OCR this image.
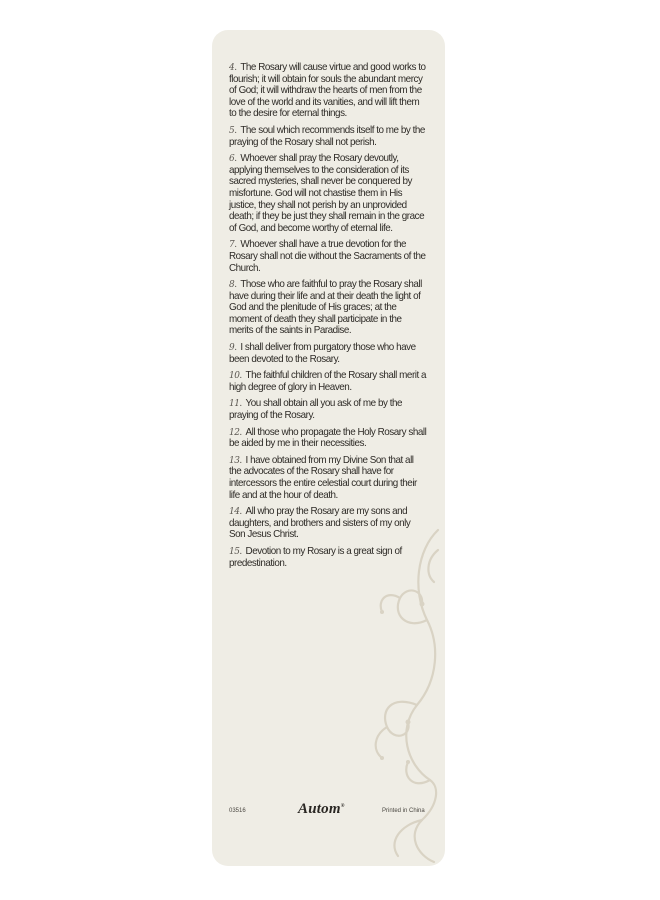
4. The Rosary will cause virtue and good works to flourish; it will obtain for souls the abundant mercy of God; it will withdraw the hearts of men from the love of the world and its vanities, and will lift them to the desire for eternal things.
5. The soul which recommends itself to me by the praying of the Rosary shall not perish.
6. Whoever shall pray the Rosary devoutly, applying themselves to the consideration of its sacred mysteries, shall never be conquered by misfortune. God will not chastise them in His justice, they shall not perish by an unprovided death; if they be just they shall remain in the grace of God, and become worthy of eternal life.
7. Whoever shall have a true devotion for the Rosary shall not die without the Sacraments of the Church.
8. Those who are faithful to pray the Rosary shall have during their life and at their death the light of God and the plenitude of His graces; at the moment of death they shall participate in the merits of the saints in Paradise.
9. I shall deliver from purgatory those who have been devoted to the Rosary.
10. The faithful children of the Rosary shall merit a high degree of glory in Heaven.
11. You shall obtain all you ask of me by the praying of the Rosary.
12. All those who propagate the Holy Rosary shall be aided by me in their necessities.
13. I have obtained from my Divine Son that all the advocates of the Rosary shall have for intercessors the entire celestial court during their life and at the hour of death.
14. All who pray the Rosary are my sons and daughters, and brothers and sisters of my only Son Jesus Christ.
15. Devotion to my Rosary is a great sign of predestination.
03516	Autom®
Printed in China
